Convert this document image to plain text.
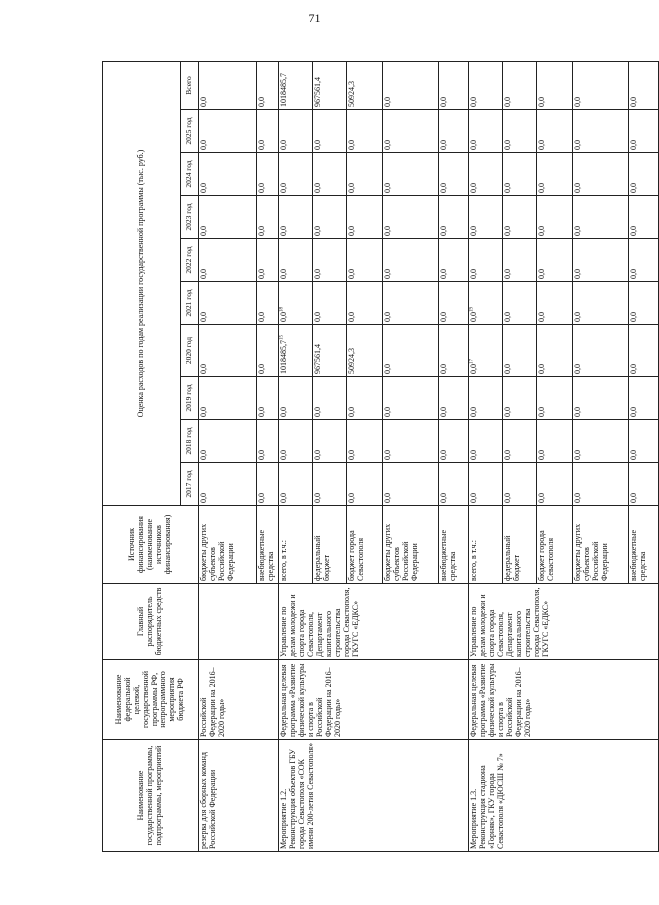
71
Наименование государственной программы, подпрограммы, мероприятий	Наименование федеральной целевой, государственной программы РФ, непрограммного мероприятия бюджета РФ	Главный распорядитель бюджетных средств	Источник финансирования (наименование источников финансирования)	Оценка расходов по годам реализации государственной программы (тыс. руб.)									
				2017 год	2018 год	2019 год	2020 год	2021 год	2022 год	2023 год	2024 год	2025 год	Всего
резерва для сборных команд Российской Федерации	Российской Федерации на 2016–2020 годы»		бюджеты других субъектов Российской Федерации	0,0	0,0	0,0	0,0	0,0	0,0	0,0	0,0	0,0	0,0
			внебюджетные средства	0,0	0,0	0,0	0,0	0,0	0,0	0,0	0,0	0,0	0,0
Мероприятие 1.2. Реконструкция объектов ГБУ города Севастополя «СОК имени 200-летия Севастополя»	Федеральная целевая программа «Развитие физической культуры и спорта в Российской Федерации на 2016–2020 годы»	Управление по делам молодежи и спорта города Севастополя, Департамент капитального строительства города Севастополя, ГКУГС «ЕДКС»	всего, в т.ч.:	0,0	0,0	0,0	1018485,7$^{15}$	$0,0^{18}$	0,0	0,0	0,0	0,0	1018485,7
			федеральный бюджет	0,0	0,0	0,0	967561,4	0,0	0,0	0,0	0,0	0,0	967561,4
			бюджет города Севастополя	0,0	0,0	0,0	50924,3	0,0	0,0	0,0	0,0	0,0	50924,3
			бюджеты других субъектов Российской Федерации	0,0	0,0	0,0	0,0	0,0	0,0	0,0	0,0	0,0	0,0
			внебюджетные средства	0,0	0,0	0,0	0,0	0,0	0,0	0,0	0,0	0,0	0,0
Мероприятие 1.3. Реконструкция стадиона «Горняк», ГКУ города Севастополя «ДЮСШ № 7»	Федеральная целевая программа «Развитие физической культуры и спорта в Российской Федерации на 2016–2020 годы»	Управление по делам молодежи и спорта города Севастополя, Департамент капитального строительства города Севастополя, ГКУГС «ЕДКС»	всего, в т.ч.:	0,0	0,0	0,0	$0,0^{17}$	$0,0^{19}$	0,0	0,0	0,0	0,0	0,0
			федеральный бюджет	0,0	0,0	0,0	0,0	0,0	0,0	0,0	0,0	0,0	0,0
			бюджет города Севастополя	0,0	0,0	0,0	0,0	0,0	0,0	0,0	0,0	0,0	0,0
			бюджеты других субъектов Российской Федерации	0,0	0,0	0,0	0,0	0,0	0,0	0,0	0,0	0,0	0,0
			внебюджетные средства	0,0	0,0	0,0	0,0	0,0	0,0	0,0	0,0	0,0	0,0
